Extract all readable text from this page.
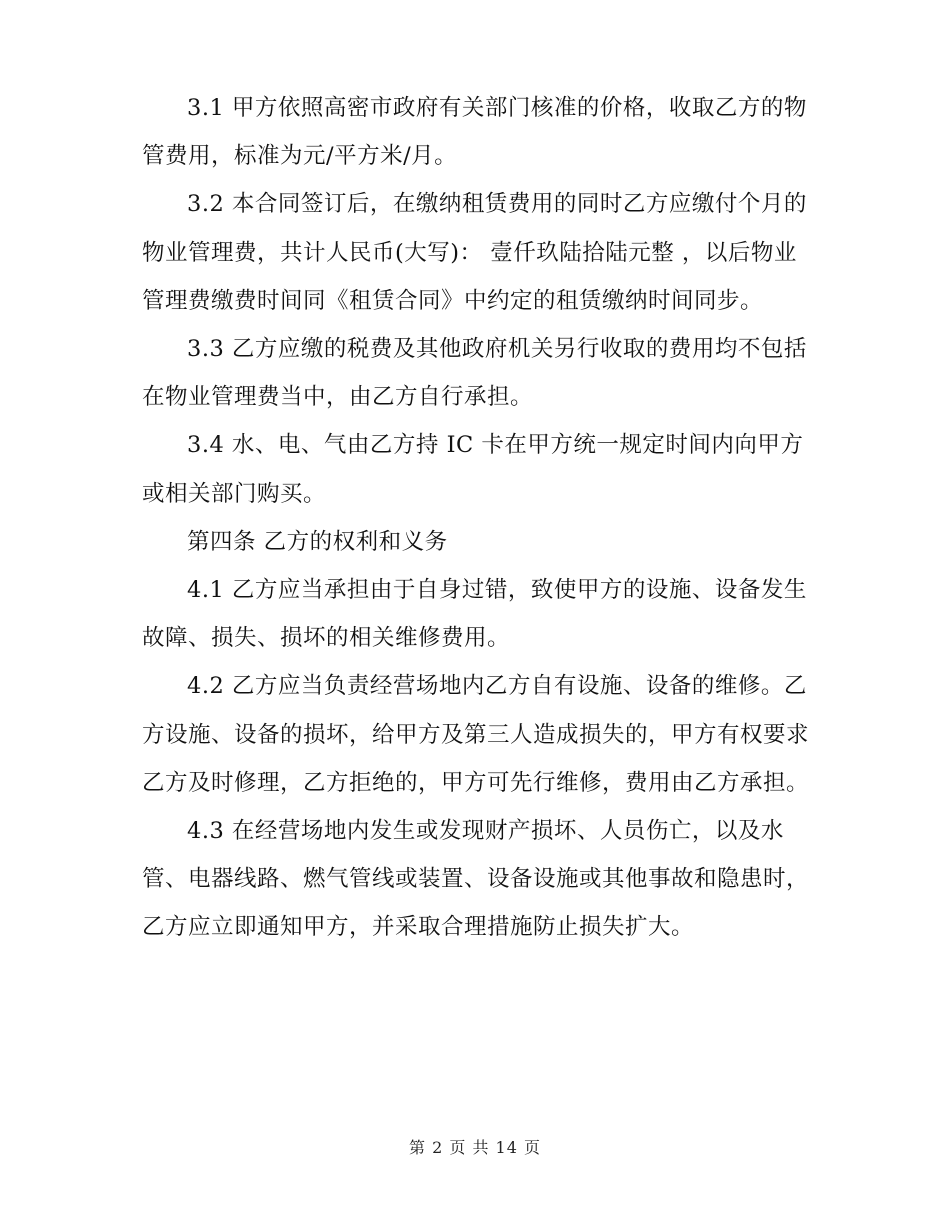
3.1 甲方依照高密市政府有关部门核准的价格，收取乙方的物管费用，标准为元/平方米/月。

3.2 本合同签订后，在缴纳租赁费用的同时乙方应缴付个月的物业管理费，共计人民币(大写)： 壹仟玖陆拾陆元整 ，以后物业管理费缴费时间同《租赁合同》中约定的租赁缴纳时间同步。

3.3 乙方应缴的税费及其他政府机关另行收取的费用均不包括在物业管理费当中，由乙方自行承担。

3.4 水、电、气由乙方持 IC 卡在甲方统一规定时间内向甲方或相关部门购买。

第四条 乙方的权利和义务

4.1 乙方应当承担由于自身过错，致使甲方的设施、设备发生故障、损失、损坏的相关维修费用。

4.2 乙方应当负责经营场地内乙方自有设施、设备的维修。乙方设施、设备的损坏，给甲方及第三人造成损失的，甲方有权要求乙方及时修理，乙方拒绝的，甲方可先行维修，费用由乙方承担。

4.3 在经营场地内发生或发现财产损坏、人员伤亡，以及水管、电器线路、燃气管线或装置、设备设施或其他事故和隐患时，乙方应立即通知甲方，并采取合理措施防止损失扩大。

第 2 页 共 14 页
